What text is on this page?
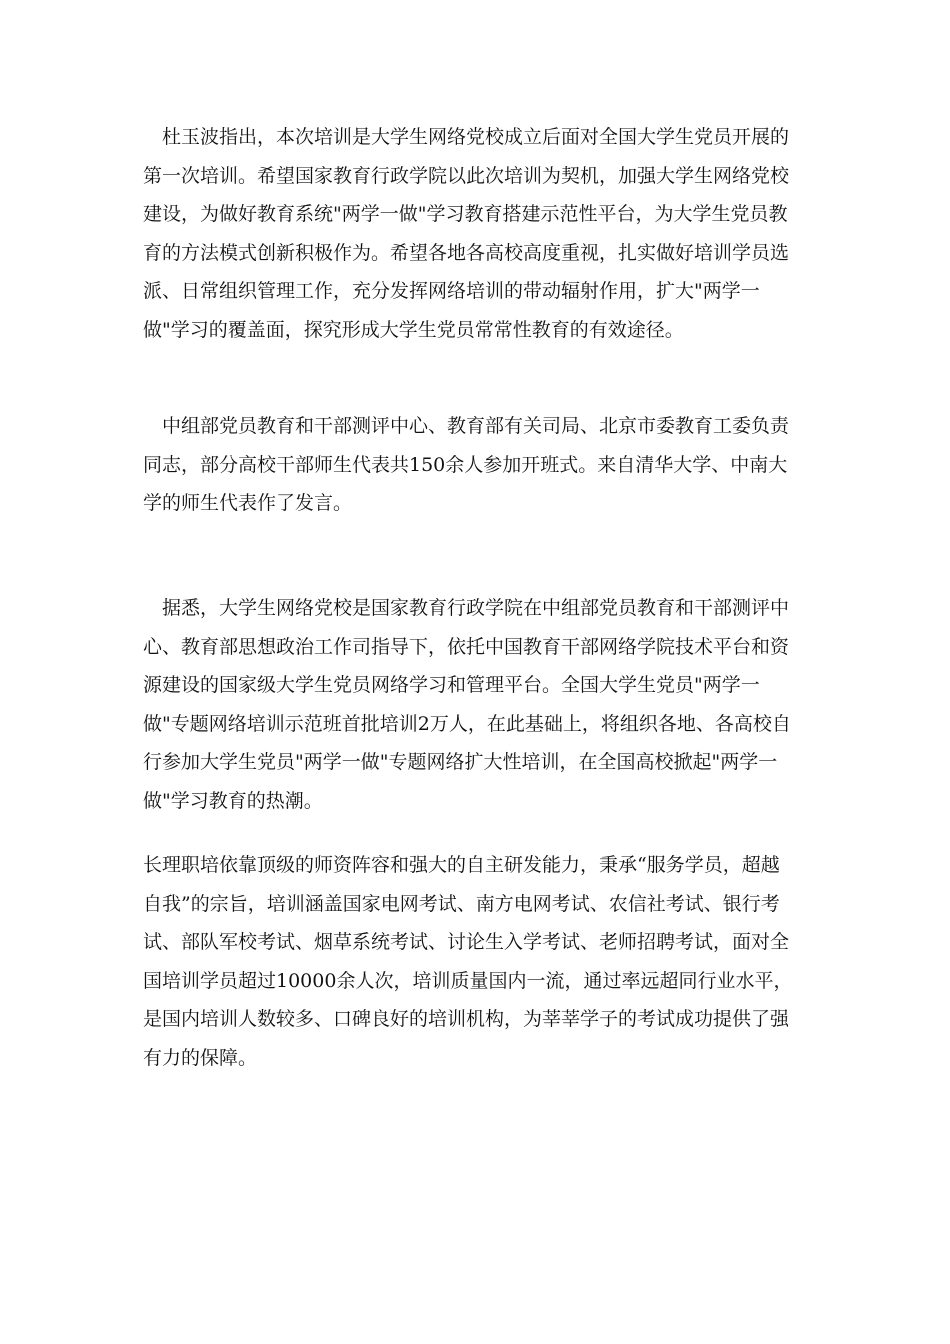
　杜玉波指出，本次培训是大学生网络党校成立后面对全国大学生党员开展的
第一次培训。希望国家教育行政学院以此次培训为契机，加强大学生网络党校
建设，为做好教育系统"两学一做"学习教育搭建示范性平台，为大学生党员教
育的方法模式创新积极作为。希望各地各高校高度重视，扎实做好培训学员选
派、日常组织管理工作，充分发挥网络培训的带动辐射作用，扩大"两学一
做"学习的覆盖面，探究形成大学生党员常常性教育的有效途径。

　中组部党员教育和干部测评中心、教育部有关司局、北京市委教育工委负责
同志，部分高校干部师生代表共150余人参加开班式。来自清华大学、中南大
学的师生代表作了发言。

　据悉，大学生网络党校是国家教育行政学院在中组部党员教育和干部测评中
心、教育部思想政治工作司指导下，依托中国教育干部网络学院技术平台和资
源建设的国家级大学生党员网络学习和管理平台。全国大学生党员"两学一
做"专题网络培训示范班首批培训2万人，在此基础上，将组织各地、各高校自
行参加大学生党员"两学一做"专题网络扩大性培训，在全国高校掀起"两学一
做"学习教育的热潮。

长理职培依靠顶级的师资阵容和强大的自主研发能力，秉承“服务学员，超越
自我”的宗旨，培训涵盖国家电网考试、南方电网考试、农信社考试、银行考
试、部队军校考试、烟草系统考试、讨论生入学考试、老师招聘考试，面对全
国培训学员超过10000余人次，培训质量国内一流，通过率远超同行业水平，
是国内培训人数较多、口碑良好的培训机构，为莘莘学子的考试成功提供了强
有力的保障。
